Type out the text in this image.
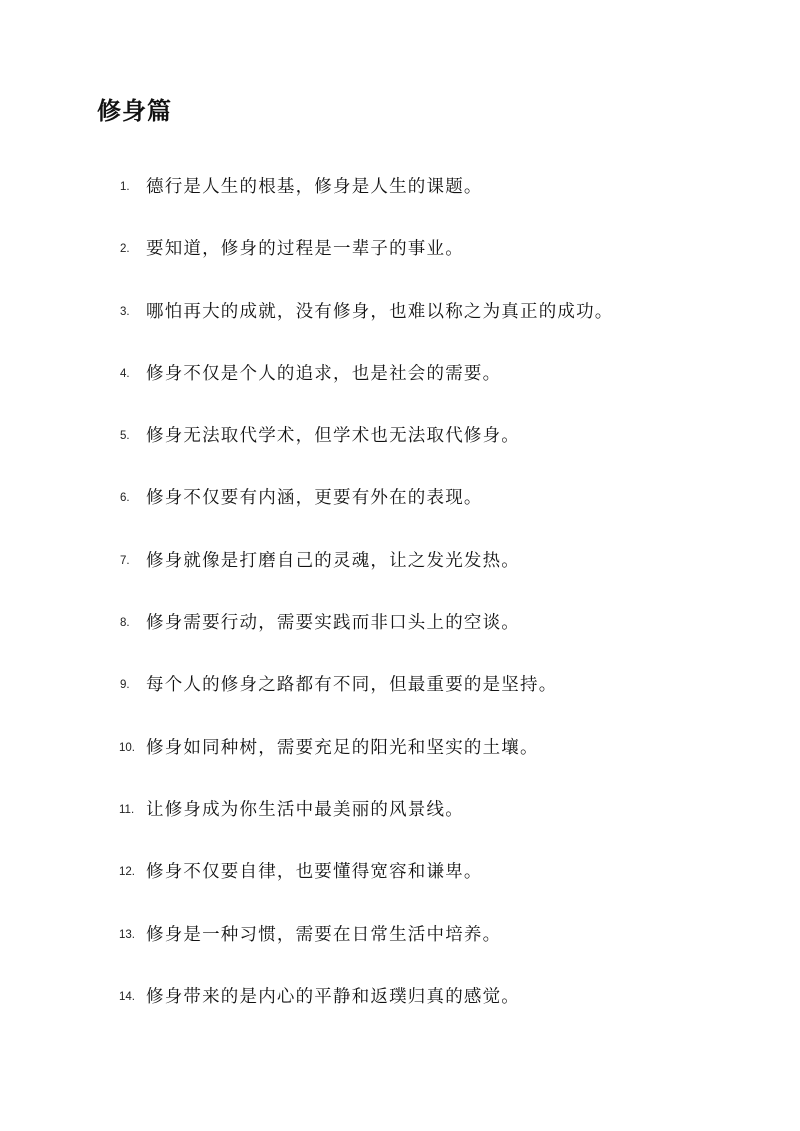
修身篇
1. 德行是人生的根基，修身是人生的课题。
2. 要知道，修身的过程是一辈子的事业。
3. 哪怕再大的成就，没有修身，也难以称之为真正的成功。
4. 修身不仅是个人的追求，也是社会的需要。
5. 修身无法取代学术，但学术也无法取代修身。
6. 修身不仅要有内涵，更要有外在的表现。
7. 修身就像是打磨自己的灵魂，让之发光发热。
8. 修身需要行动，需要实践而非口头上的空谈。
9. 每个人的修身之路都有不同，但最重要的是坚持。
10. 修身如同种树，需要充足的阳光和坚实的土壤。
11. 让修身成为你生活中最美丽的风景线。
12. 修身不仅要自律，也要懂得宽容和谦卑。
13. 修身是一种习惯，需要在日常生活中培养。
14. 修身带来的是内心的平静和返璞归真的感觉。
